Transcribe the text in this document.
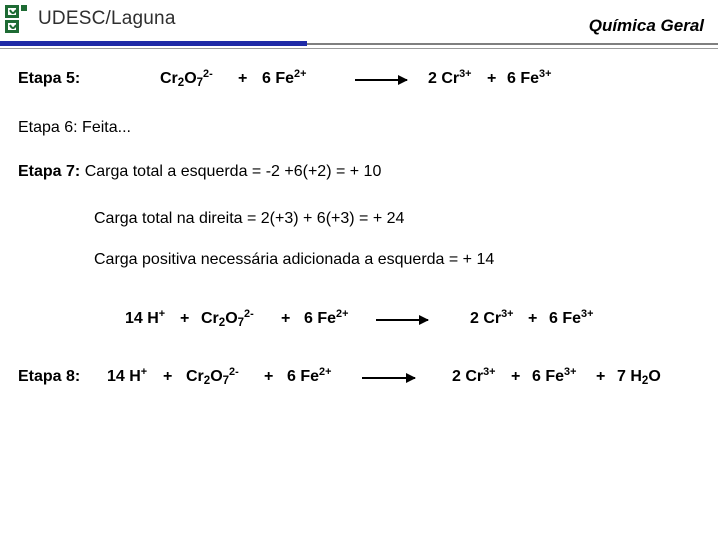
UDESC/Laguna	Química Geral
Etapa 5:	$Cr_2O_7^{2-} + 6$ $Fe^{2+}$	2 $Cr^{3+} + 6$ $Fe^{3+}$
Etapa 6: Feita...
Etapa 7: Carga total a esquerda = -2 +6(+2) = + 10
Carga total na direita = 2(+3) + 6(+3) = + 24
Carga positiva necessária adicionada a esquerda = + 14
14 $H^+ + Cr_2O_7^{2-} + 6$ $Fe^{2+}$	2 $Cr^{3+} + 6$ $Fe^{3+}$
Etapa 8: 14 $H^+ + Cr_2O_7^{2-} + 6$ $Fe^{2+}$	2 $Cr^{3+} + 6$ $Fe^{3+} + 7$ $H_2O$
